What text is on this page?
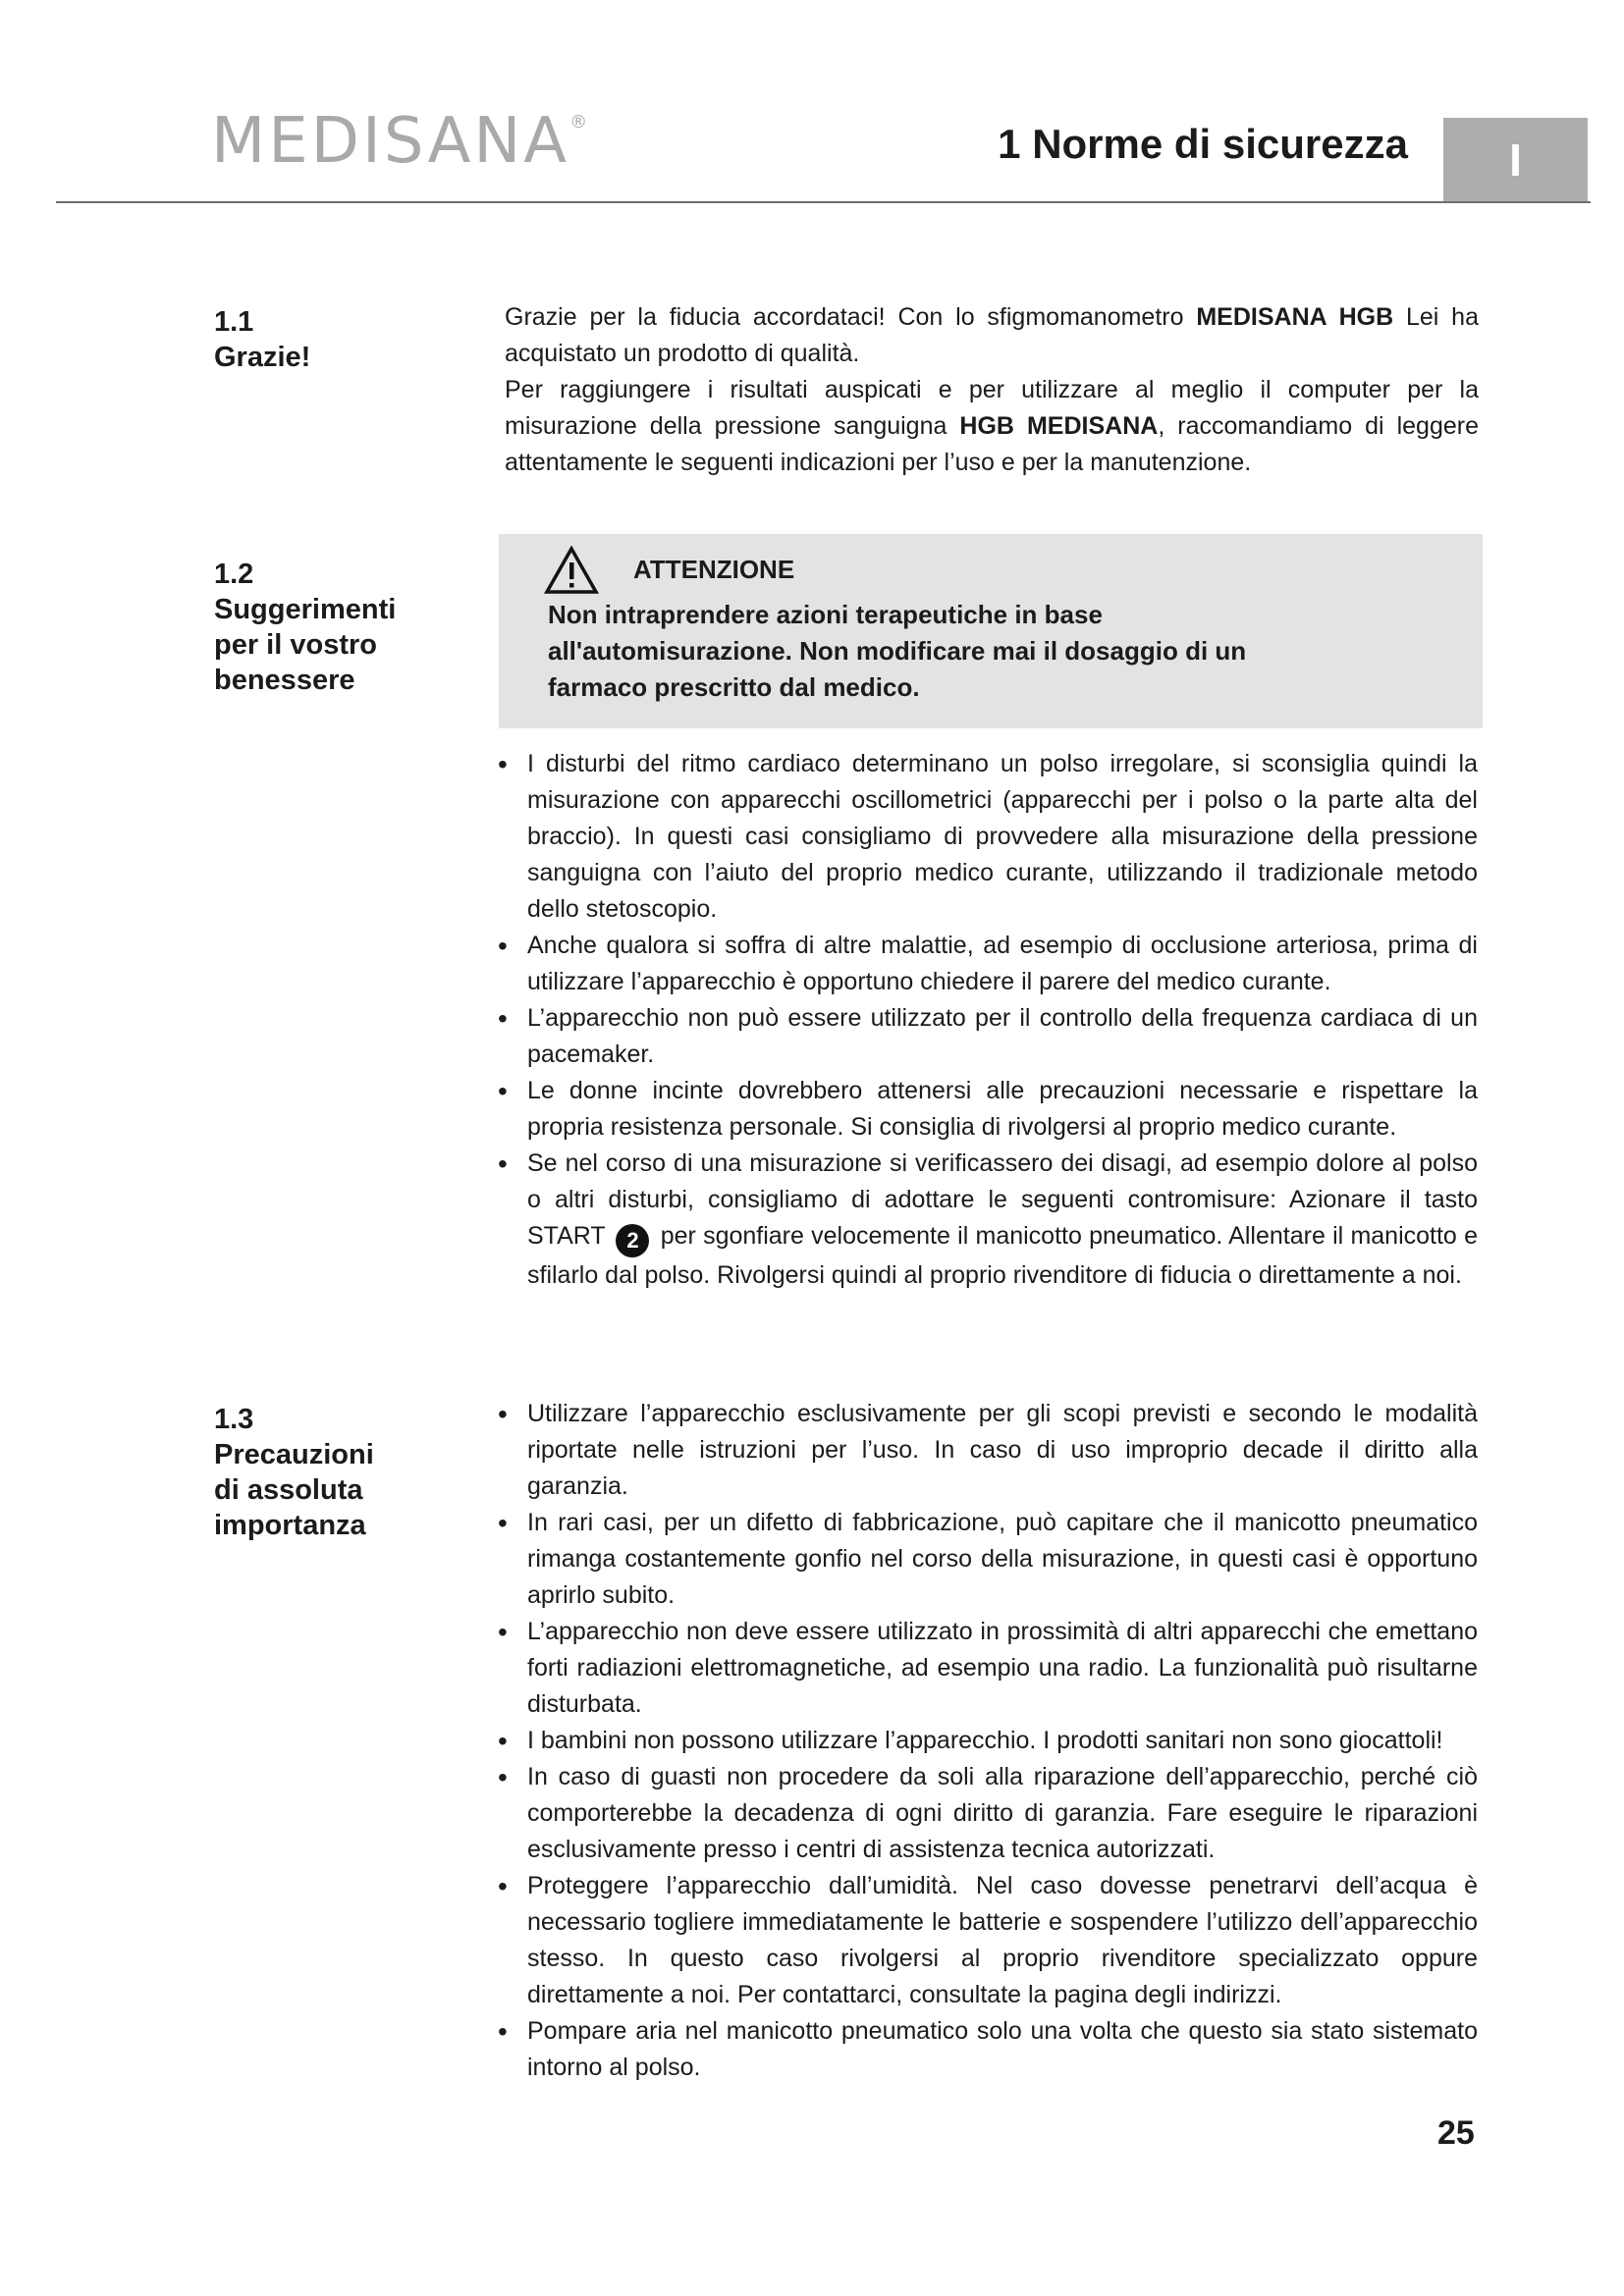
MEDISANA®	1 Norme di sicurezza	I
1.1
Grazie!

Grazie per la fiducia accordataci! Con lo sfigmomanometro MEDISANA HGB Lei ha acquistato un prodotto di qualità.

Per raggiungere i risultati auspicati e per utilizzare al meglio il computer per la misurazione della pressione sanguigna HGB MEDISANA, raccomandiamo di leggere attentamente le seguenti indicazioni per l’uso e per la manutenzione.

1.2
Suggerimenti
per il vostro
benessere
ATTENZIONE
Non intraprendere azioni terapeutiche in base
all'automisurazione. Non modificare mai il dosaggio di un
farmaco prescritto dal medico.
• I disturbi del ritmo cardiaco determinano un polso irregolare, si sconsiglia quindi la misurazione con apparecchi oscillometrici (apparecchi per i polso o la parte alta del braccio). In questi casi consigliamo di provvedere alla misurazione della pressione sanguigna con l’aiuto del proprio medico curante, utilizzando il tradizionale metodo dello stetoscopio.
• Anche qualora si soffra di altre malattie, ad esempio di occlusione arteriosa, prima di utilizzare l’apparecchio è opportuno chiedere il parere del medico curante.
• L’apparecchio non può essere utilizzato per il controllo della frequenza cardiaca di un pacemaker.
• Le donne incinte dovrebbero attenersi alle precauzioni necessarie e rispettare la propria resistenza personale. Si consiglia di rivolgersi al proprio medico curante.
• Se nel corso di una misurazione si verificassero dei disagi, ad esempio dolore al polso o altri disturbi, consigliamo di adottare le seguenti contromisure: Azionare il tasto START 2 per sgonfiare velocemente il manicotto pneumatico. Allentare il manicotto e sfilarlo dal polso. Rivolgersi quindi al proprio rivenditore di fiducia o direttamente a noi.
1.3
Precauzioni
di assoluta
importanza
• Utilizzare l’apparecchio esclusivamente per gli scopi previsti e secondo le modalità riportate nelle istruzioni per l’uso. In caso di uso improprio decade il diritto alla garanzia.
• In rari casi, per un difetto di fabbricazione, può capitare che il manicotto pneumatico rimanga costantemente gonfio nel corso della misurazione, in questi casi è opportuno aprirlo subito.
• L’apparecchio non deve essere utilizzato in prossimità di altri apparecchi che emettano forti radiazioni elettromagnetiche, ad esempio una radio. La funzionalità può risultarne disturbata.
• I bambini non possono utilizzare l’apparecchio. I prodotti sanitari non sono giocattoli!
• In caso di guasti non procedere da soli alla riparazione dell’apparecchio, perché ciò comporterebbe la decadenza di ogni diritto di garanzia. Fare eseguire le riparazioni esclusivamente presso i centri di assistenza tecnica autorizzati.
• Proteggere l’apparecchio dall’umidità. Nel caso dovesse penetrarvi dell’acqua è necessario togliere immediatamente le batterie e sospendere l’utilizzo dell’apparecchio stesso. In questo caso rivolgersi al proprio rivenditore specializzato oppure direttamente a noi. Per contattarci, consultate la pagina degli indirizzi.
• Pompare aria nel manicotto pneumatico solo una volta che questo sia stato sistemato intorno al polso.
25
